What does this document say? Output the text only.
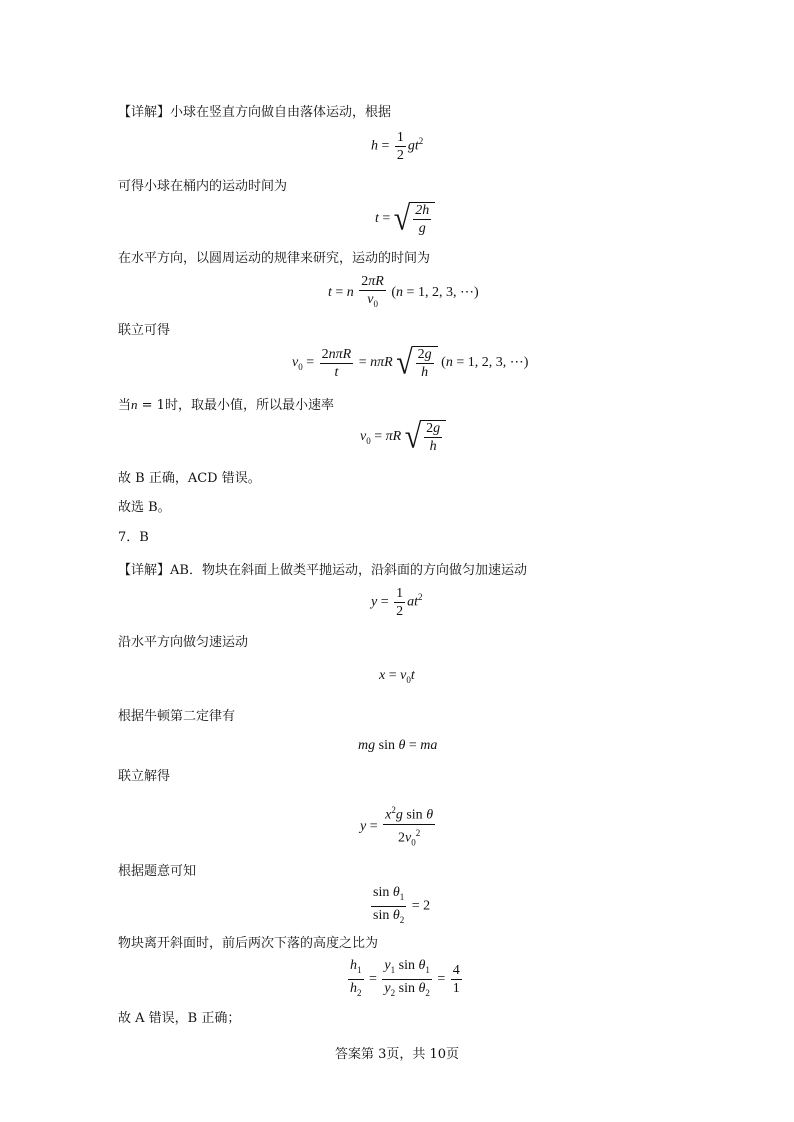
【详解】小球在竖直方向做自由落体运动，根据
$h = \frac{1}{2} gt^2$
可得小球在桶内的运动时间为
t = √ $\frac{2h}{g}$
在水平方向，以圆周运动的规律来研究，运动的时间为
t = n $\frac{2\pi R}{v_0} (n = 1$, 2, 3, ⋯)
联立可得
$v_0 = \frac{\text{2nπR}}{t} = n\pi R$ √ $\frac{2g}{h} (n = 1$, 2, 3, ⋯)
当n = 1时，取最小值，所以最小速率
$v_0 = \pi R$ √ $\frac{2g}{h}$
故 B 正确，ACD 错误。
故选 B。
7．B
【详解】AB．物块在斜面上做类平抛运动，沿斜面的方向做匀加速运动
$y = \frac{1}{2} at^2$
沿水平方向做匀速运动
$x = v_0t$
根据牛顿第二定律有
mg sin θ = ma
联立解得
$y = \frac{x^2g \sin \theta}{2v_0^2}$
根据题意可知
$\frac{\sin \theta_1}{\sin \theta_2} = 2$
物块离开斜面时，前后两次下落的高度之比为
$\frac{h_1}{h_2} = \frac{y_1 \sin \theta_1}{y_2 \sin \theta_2} = \frac{4}{1}$
故 A 错误，B 正确；
答案第 3页，共 10页
